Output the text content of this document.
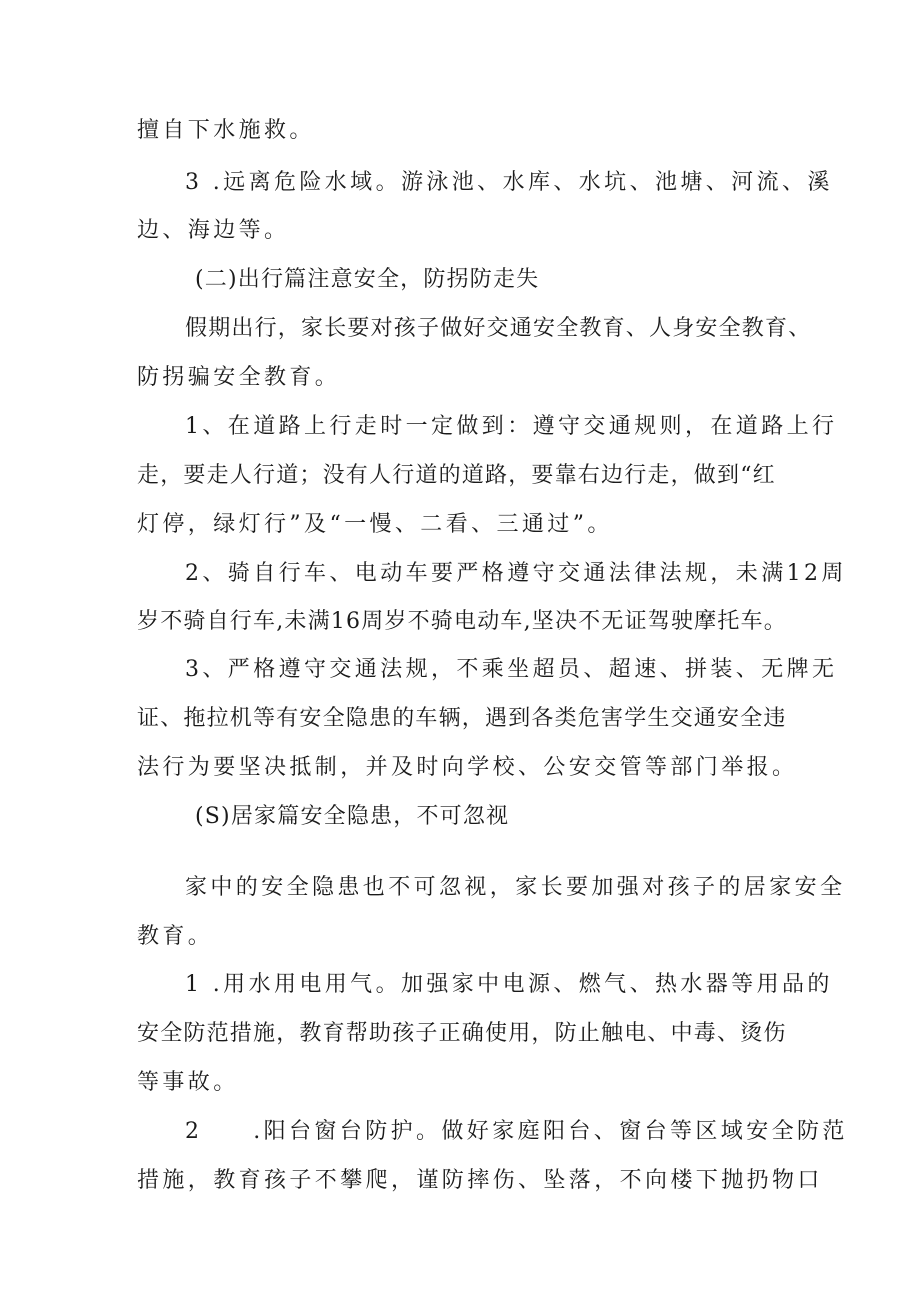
擅自下水施救。
3 .远离危险水域。游泳池、水库、水坑、池塘、河流、溪
边、海边等。
(二)出行篇注意安全，防拐防走失
假期出行，家长要对孩子做好交通安全教育、人身安全教育、
防拐骗安全教育。
1、在道路上行走时一定做到：遵守交通规则，在道路上行
走，要走人行道；没有人行道的道路，要靠右边行走，做到“红
灯停，绿灯行”及“一慢、二看、三通过”。
2、骑自行车、电动车要严格遵守交通法律法规，未满12周
岁不骑自行车,未满16周岁不骑电动车,坚决不无证驾驶摩托车。
3、严格遵守交通法规，不乘坐超员、超速、拼装、无牌无
证、拖拉机等有安全隐患的车辆，遇到各类危害学生交通安全违
法行为要坚决抵制，并及时向学校、公安交管等部门举报。
(S)居家篇安全隐患，不可忽视
家中的安全隐患也不可忽视，家长要加强对孩子的居家安全
教育。
1 .用水用电用气。加强家中电源、燃气、热水器等用品的
安全防范措施，教育帮助孩子正确使用，防止触电、中毒、烫伤
等事故。
2　　.阳台窗台防护。做好家庭阳台、窗台等区域安全防范
措施，教育孩子不攀爬，谨防摔伤、坠落，不向楼下抛扔物口
